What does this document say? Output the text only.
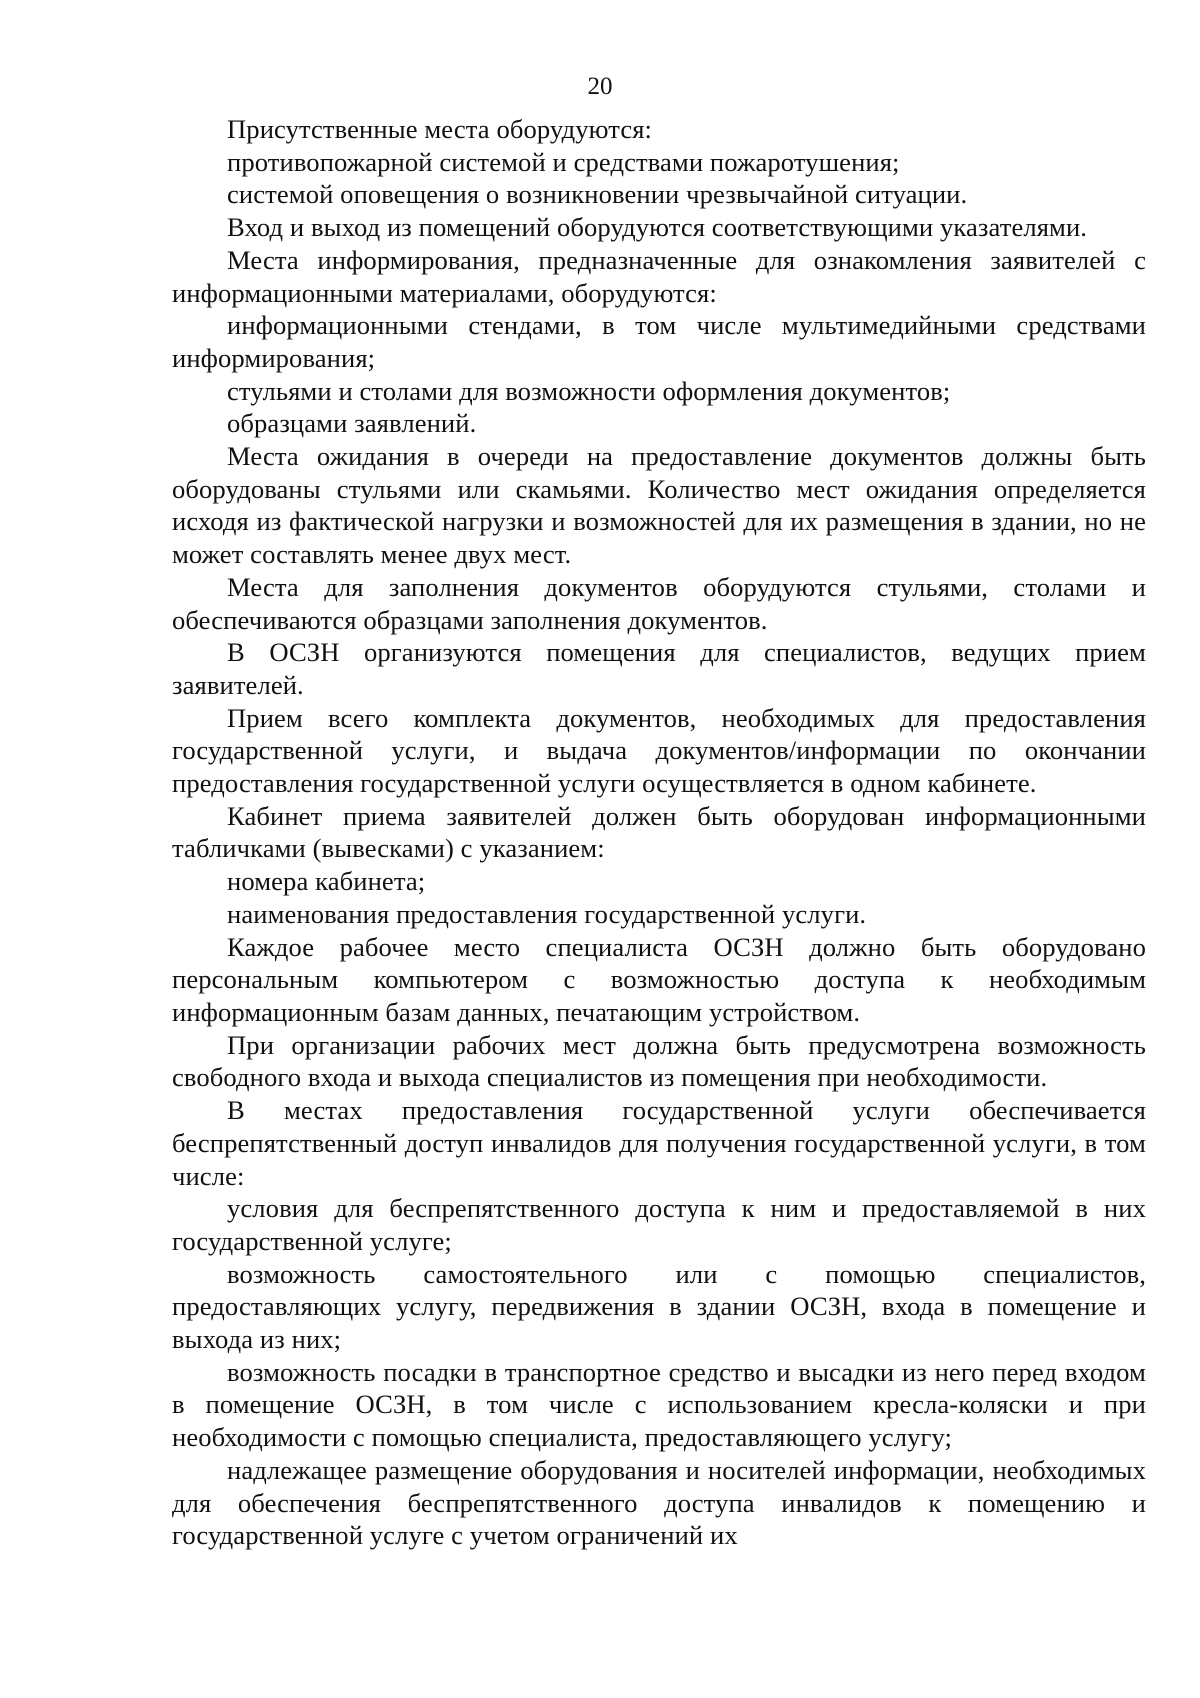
20

Присутственные места оборудуются:

противопожарной системой и средствами пожаротушения;

системой оповещения о возникновении чрезвычайной ситуации.

Вход и выход из помещений оборудуются соответствующими указателями.

Места информирования, предназначенные для ознакомления заявителей с информационными материалами, оборудуются:

информационными стендами, в том числе мультимедийными средствами информирования;

стульями и столами для возможности оформления документов;

образцами заявлений.

Места ожидания в очереди на предоставление документов должны быть оборудованы стульями или скамьями. Количество мест ожидания определяется исходя из фактической нагрузки и возможностей для их размещения в здании, но не может составлять менее двух мест.

Места для заполнения документов оборудуются стульями, столами и обеспечиваются образцами заполнения документов.

В ОСЗН организуются помещения для специалистов, ведущих прием заявителей.

Прием всего комплекта документов, необходимых для предоставления государственной услуги, и выдача документов/информации по окончании предоставления государственной услуги осуществляется в одном кабинете.

Кабинет приема заявителей должен быть оборудован информационными табличками (вывесками) с указанием:

номера кабинета;

наименования предоставления государственной услуги.

Каждое рабочее место специалиста ОСЗН должно быть оборудовано персональным компьютером с возможностью доступа к необходимым информационным базам данных, печатающим устройством.

При организации рабочих мест должна быть предусмотрена возможность свободного входа и выхода специалистов из помещения при необходимости.

В местах предоставления государственной услуги обеспечивается беспрепятственный доступ инвалидов для получения государственной услуги, в том числе:

условия для беспрепятственного доступа к ним и предоставляемой в них государственной услуге;

возможность самостоятельного или с помощью специалистов, предоставляющих услугу, передвижения в здании ОСЗН, входа в помещение и выхода из них;

возможность посадки в транспортное средство и высадки из него перед входом в помещение ОСЗН, в том числе с использованием кресла-коляски и при необходимости с помощью специалиста, предоставляющего услугу;

надлежащее размещение оборудования и носителей информации, необходимых для обеспечения беспрепятственного доступа инвалидов к помещению и государственной услуге с учетом ограничений их
